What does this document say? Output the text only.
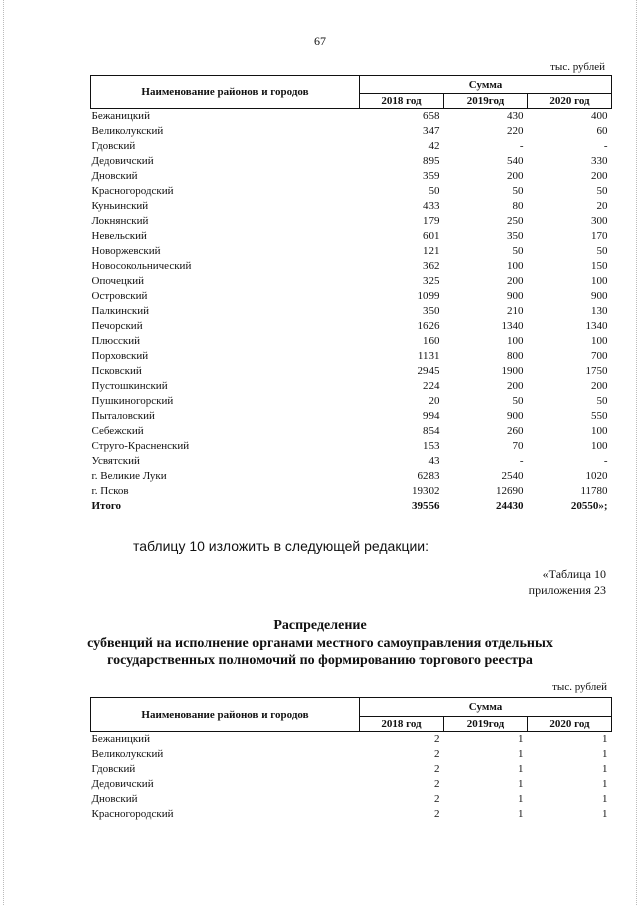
67
тыс. рублей
Наименование районов и городов	Сумма		
	2018 год	2019год	2020 год
Бежаницкий	658	430	400
Великолукский	347	220	60
Гдовский	42	-	-
Дедовичский	895	540	330
Дновский	359	200	200
Красногородский	50	50	50
Куньинский	433	80	20
Локнянский	179	250	300
Невельский	601	350	170
Новоржевский	121	50	50
Новосокольнический	362	100	150
Опочецкий	325	200	100
Островский	1099	900	900
Палкинский	350	210	130
Печорский	1626	1340	1340
Плюсский	160	100	100
Порховский	1131	800	700
Псковский	2945	1900	1750
Пустошкинский	224	200	200
Пушкиногорский	20	50	50
Пыталовский	994	900	550
Себежский	854	260	100
Струго-Красненский	153	70	100
Усвятский	43	-	-
г. Великие Луки	6283	2540	1020
г. Псков	19302	12690	11780
Итого	39556	24430	20550»;
таблицу 10 изложить в следующей редакции:
«Таблица 10
приложения 23
Распределение
субвенций на исполнение органами местного самоуправления отдельных
государственных полномочий по формированию торгового реестра
тыс. рублей
Наименование районов и городов	Сумма		
	2018 год	2019год	2020 год
Бежаницкий	2	1	1
Великолукский	2	1	1
Гдовский	2	1	1
Дедовичский	2	1	1
Дновский	2	1	1
Красногородский	2	1	1
